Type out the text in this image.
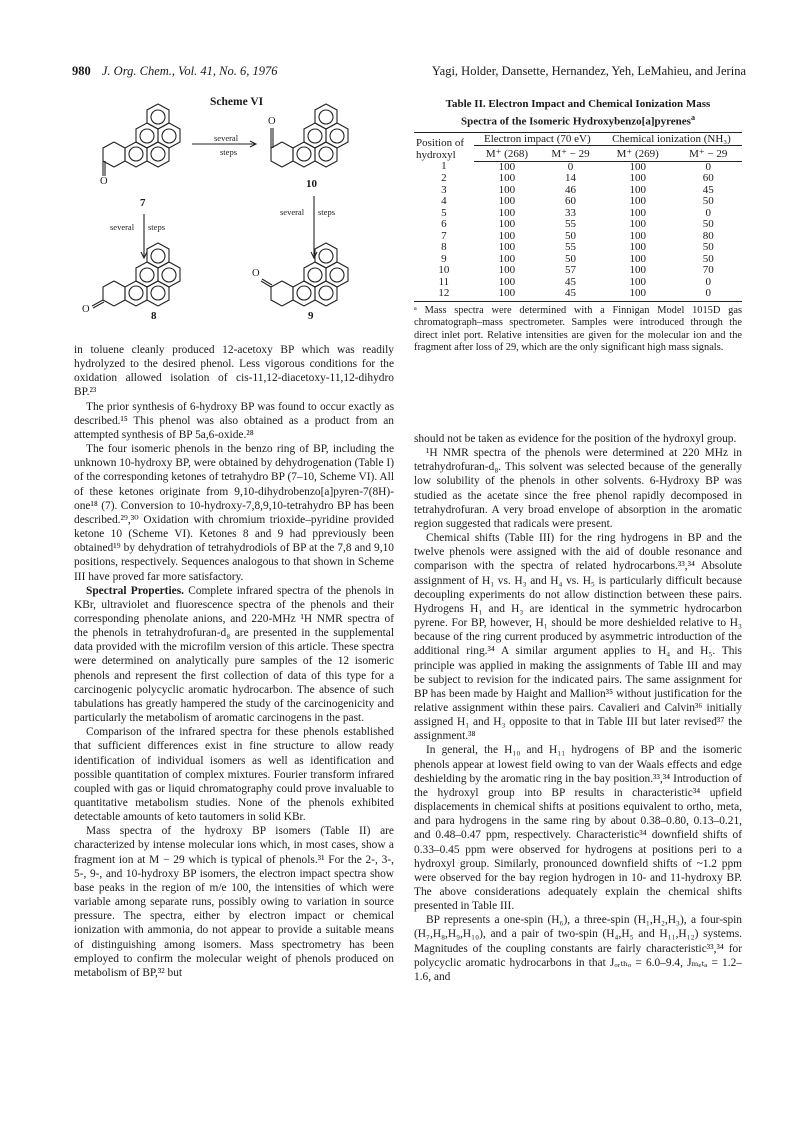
980 J. Org. Chem., Vol. 41, No. 6, 1976	Yagi, Holder, Dansette, Hernandez, Yeh, LeMahieu, and Jerina
Scheme VI
O
O
O
O
7
10
8	9
several
steps
several steps
several steps
Table II. Electron Impact and Chemical Ionization Mass
Spectra of the Isomeric Hydroxybenzo[a]pyrenes$^a$
Position of
hydroxyl	Electron impact (70 eV)		Chemical ionization (NH₃)	
	M⁺ (268)	M⁺ − 29	M⁺ (269)	M⁺ − 29
1	100	0	100	0
2	100	14	100	60
3	100	46	100	45
4	100	60	100	50
5	100	33	100	0
6	100	55	100	50
7	100	50	100	80
8	100	55	100	50
9	100	50	100	50
10	100	57	100	70
11	100	45	100	0
12	100	45	100	0
ᵃ Mass spectra were determined with a Finnigan Model 1015D gas chromatograph–mass spectrometer. Samples were introduced through the direct inlet port. Relative intensities are given for the molecular ion and the fragment after loss of 29, which are the only significant high mass signals.

in toluene cleanly produced 12-acetoxy BP which was readily hydrolyzed to the desired phenol. Less vigorous conditions for the oxidation allowed isolation of cis-11,12-diacetoxy-11,12-dihydro BP.²³

The prior synthesis of 6-hydroxy BP was found to occur exactly as described.¹⁵ This phenol was also obtained as a product from an attempted synthesis of BP 5a,6-oxide.²⁸

The four isomeric phenols in the benzo ring of BP, including the unknown 10-hydroxy BP, were obtained by dehydrogenation (Table I) of the corresponding ketones of tetrahydro BP (7–10, Scheme VI). All of these ketones originate from 9,10-dihydrobenzo[a]pyren-7(8H)-one¹⁸ (7). Conversion to 10-hydroxy-7,8,9,10-tetrahydro BP has been described.²⁹,³⁰ Oxidation with chromium trioxide–pyridine provided ketone 10 (Scheme VI). Ketones 8 and 9 had ppreviously been obtained¹⁹ by dehydration of tetrahydrodiols of BP at the 7,8 and 9,10 positions, respectively. Sequences analogous to that shown in Scheme III have proved far more satisfactory.

Spectral Properties. Complete infrared spectra of the phenols in KBr, ultraviolet and fluorescence spectra of the phenols and their corresponding phenolate anions, and 220-MHz ¹H NMR spectra of the phenols in tetrahydrofuran-d₈ are presented in the supplemental data provided with the microfilm version of this article. These spectra were determined on analytically pure samples of the 12 isomeric phenols and represent the first collection of data of this type for a carcinogenic polycyclic aromatic hydrocarbon. The absence of such tabulations has greatly hampered the study of the carcinogenicity and particularly the metabolism of aromatic carcinogens in the past.

Comparison of the infrared spectra for these phenols established that sufficient differences exist in fine structure to allow ready identification of individual isomers as well as identification and possible quantitation of complex mixtures. Fourier transform infrared coupled with gas or liquid chromatography could prove invaluable to quantitative metabolism studies. None of the phenols exhibited detectable amounts of keto tautomers in solid KBr.

Mass spectra of the hydroxy BP isomers (Table II) are characterized by intense molecular ions which, in most cases, show a fragment ion at M − 29 which is typical of phenols.³¹ For the 2-, 3-, 5-, 9-, and 10-hydroxy BP isomers, the electron impact spectra show base peaks in the region of m/e 100, the intensities of which were variable among separate runs, possibly owing to variation in source pressure. The spectra, either by electron impact or chemical ionization with ammonia, do not appear to provide a suitable means of distinguishing among isomers. Mass spectrometry has been employed to confirm the molecular weight of phenols produced on metabolism of BP,³² but

should not be taken as evidence for the position of the hydroxyl group.

¹H NMR spectra of the phenols were determined at 220 MHz in tetrahydrofuran-d₈. This solvent was selected because of the generally low solubility of the phenols in other solvents. 6-Hydroxy BP was studied as the acetate since the free phenol rapidly decomposed in tetrahydrofuran. A very broad envelope of absorption in the aromatic region suggested that radicals were present.

Chemical shifts (Table III) for the ring hydrogens in BP and the twelve phenols were assigned with the aid of double resonance and comparison with the spectra of related hydrocarbons.³³,³⁴ Absolute assignment of H₁ vs. H₃ and H₄ vs. H₅ is particularly difficult because decoupling experiments do not allow distinction between these pairs. Hydrogens H₁ and H₃ are identical in the symmetric hydrocarbon pyrene. For BP, however, H₁ should be more deshielded relative to H₃ because of the ring current produced by asymmetric introduction of the additional ring.³⁴ A similar argument applies to H₄ and H₅. This principle was applied in making the assignments of Table III and may be subject to revision for the indicated pairs. The same assignment for BP has been made by Haight and Mallion³⁵ without justification for the relative assignment within these pairs. Cavalieri and Calvin³⁶ initially assigned H₁ and H₃ opposite to that in Table III but later revised³⁷ the assignment.³⁸

In general, the H₁₀ and H₁₁ hydrogens of BP and the isomeric phenols appear at lowest field owing to van der Waals effects and edge deshielding by the aromatic ring in the bay position.³³,³⁴ Introduction of the hydroxyl group into BP results in characteristic³⁴ upfield displacements in chemical shifts at positions equivalent to ortho, meta, and para hydrogens in the same ring by about 0.38–0.80, 0.13–0.21, and 0.48–0.47 ppm, respectively. Characteristic³⁴ downfield shifts of 0.33–0.45 ppm were observed for hydrogens at positions peri to a hydroxyl group. Similarly, pronounced downfield shifts of ~1.2 ppm were observed for the bay region hydrogen in 10- and 11-hydroxy BP. The above considerations adequately explain the chemical shifts presented in Table III.

BP represents a one-spin (H₆), a three-spin (H₁,H₂,H₃), a four-spin (H₇,H₈,H₉,H₁₀), and a pair of two-spin (H₄,H₅ and H₁₁,H₁₂) systems. Magnitudes of the coupling constants are fairly characteristic³³,³⁴ for polycyclic aromatic hydrocarbons in that Jₒᵣₜₕₒ = 6.0–9.4, Jₘₑₜₐ = 1.2–1.6, and
